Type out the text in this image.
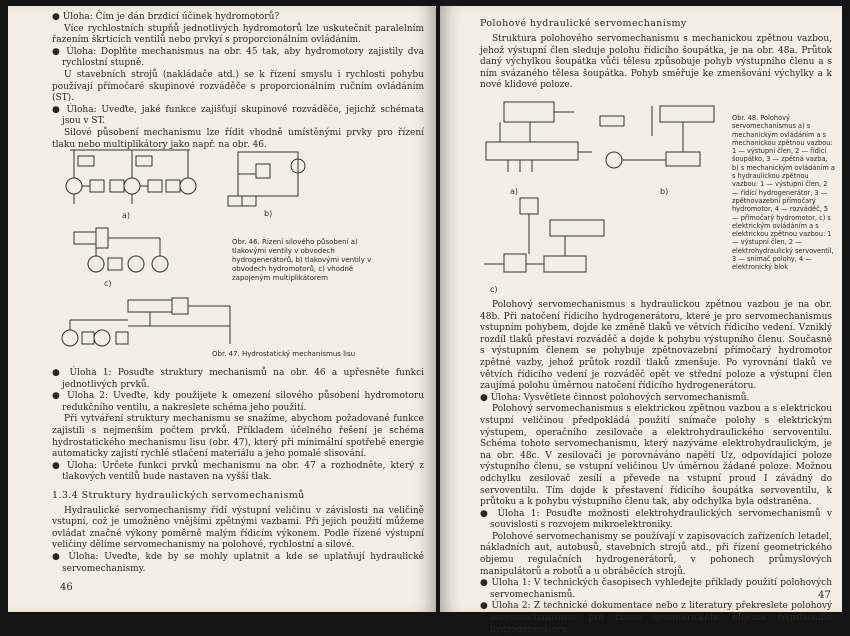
● Úloha: Čím je dán brzdicí účinek hydromotorů?

Více rychlostních stupňů jednotlivých hydromotorů lze uskutečnit paralelním řazením škrticích ventilů nebo prvkyí s proporcionálním ovládáním.

● Úloha: Doplňte mechanismus na obr. 45 tak, aby hydromotory zajistily dva rychlostní stupně.

U stavebních strojů (nakládače atd.) se k řízení smyslu i rychlosti pohybu používají přímočaré skupinové rozváděče s proporcionálním ručním ovládáním (ST).

● Úloha: Uveďte, jaké funkce zajišťují skupinové rozváděče, jejichž schémata jsou v ST.

Silové působení mechanismu lze řídit vhodně umístěnými prvky pro řízení tlaku nebo multiplikátory jako např. na obr. 46.

a)	b)
c)
Obr. 46. Řízení silového působení a) tlakovými ventily v obvodech hydrogenerátorů, b) tlakovými ventily v obvodech hydromotorů, c) vhodně zapojeným multiplikátorem
Obr. 47. Hydrostatický mechanismus lisu

● Úloha 1: Posuďte struktury mechanismů na obr. 46 a upřesněte funkci jednotlivých prvků.

● Úloha 2: Uveďte, kdy použijete k omezení silového působení hydromotoru redukčního ventilu, a nakreslete schéma jeho použití.

Při vytváření struktury mechanismu se snažíme, abychom požadované funkce zajistili s nejmenším počtem prvků. Příkladem účelného řešení je schéma hydrostatického mechanismu lisu (obr. 47), který při minimální spotřebě energie automaticky zajistí rychlé stlačení materiálu a jeho pomalé slisování.

● Úloha: Určete funkci prvků mechanismu na obr. 47 a rozhodněte, který z tlakových ventilů bude nastaven na vyšší tlak.

1.3.4 Struktury hydraulických servomechanismů

Hydraulické servomechanismy řídí výstupní veličinu v závislosti na veličině vstupní, což je umožněno vnějšími zpětnými vazbami. Při jejich použití můžeme ovládat značné výkony poměrně malým řídicím výkonem. Podle řízené výstupní veličiny dělíme servomechanismy na polohové, rychlostní a silové.

● Úloha: Uveďte, kde by se mohly uplatnit a kde se uplatňují hydraulické servomechanismy.

46
Polohové hydraulické servomechanismy
Struktura polohového servomechanismu s mechanickou zpětnou vazbou, jehož výstupní člen sleduje polohu řídicího šoupátka, je na obr. 48a. Průtok daný výchylkou šoupátka vůči tělesu způsobuje pohyb výstupního členu a s ním svázaného tělesa šoupátka. Pohyb směřuje ke zmenšování výchylky a k nové klidové poloze.
a)	b)
c)
Obr. 48. Polohový servomechanismus a) s mechanickým ovládáním a s mechanickou zpětnou vazbou: 1 — výstupní člen, 2 — řídicí šoupátko, 3 — zpětná vazba, b) s mechanickým ovládáním a s hydraulickou zpětnou vazbou: 1 — výstupní člen, 2 — řídicí hydrogenerátor, 3 — zpětnovazební přímočarý hydromotor, 4 — rozváděč, 5 — přímočarý hydromotor, c) s elektrickým ovládáním a s elektrickou zpětnou vazbou: 1 — výstupní člen, 2 — elektrohydraulický servoventil, 3 — snímač polohy, 4 — elektronický blok

Polohový servomechanismus s hydraulickou zpětnou vazbou je na obr. 48b. Při natočení řídicího hydrogenerátoru, které je pro servomechanismus vstupním pohybem, dojde ke změně tlaků ve větvích řídicího vedení. Vzniklý rozdíl tlaků přestaví rozváděč a dojde k pohybu výstupního členu. Současně s výstupním členem se pohybuje zpětnovazební přímočarý hydromotor zpětné vazby, jehož průtok rozdíl tlaků zmenšuje. Po vyrovnání tlaků ve větvích řídicího vedení je rozváděč opět ve střední poloze a výstupní člen zaujímá polohu úměrnou natočení řídicího hydrogenerátoru.

● Úloha: Vysvětlete činnost polohových servomechanismů.

Polohový servomechanismus s elektrickou zpětnou vazbou a s elektrickou vstupní veličinou předpokládá použití snímače polohy s elektrickým výstupem, operačního zesilovače a elektrohydraulického servoventilu. Schéma tohoto servomechanismu, který nazýváme elektrohydraulickým, je na obr. 48c. V zesilovači je porovnáváno napětí Uz, odpovídající poloze výstupního členu, se vstupní veličinou Uv úměrnou žádané poloze. Možnou odchylku zesilovač zesílí a převede na vstupní proud I závádný do servoventilu. Tím dojde k přestavení řídicího šoupátka servoventilu, k průtoku a k pohybu výstupního členu tak, aby odchylka byla odstraněna.

● Úloha 1: Posuďte možnosti elektrohydraulických servomechanismů v souvislosti s rozvojem mikroelektroniky.

Polohové servomechanismy se používají v zapisovacích zařízeních letadel, nákladních aut, autobusů, stavebních strojů atd., při řízení geometrického objemu regulačních hydrogenerátorů, v pohonech průmyslových manipulátorů a robotů a u obráběcích strojů.

● Úloha 1: V technických časopisech vyhledejte příklady použití polohových servomechanismů.

● Úloha 2: Z technické dokumentace nebo z literatury překreslete polohový servomechanismus pro řízení geometrického objemu regulačního hydrogenerátoru.

47
